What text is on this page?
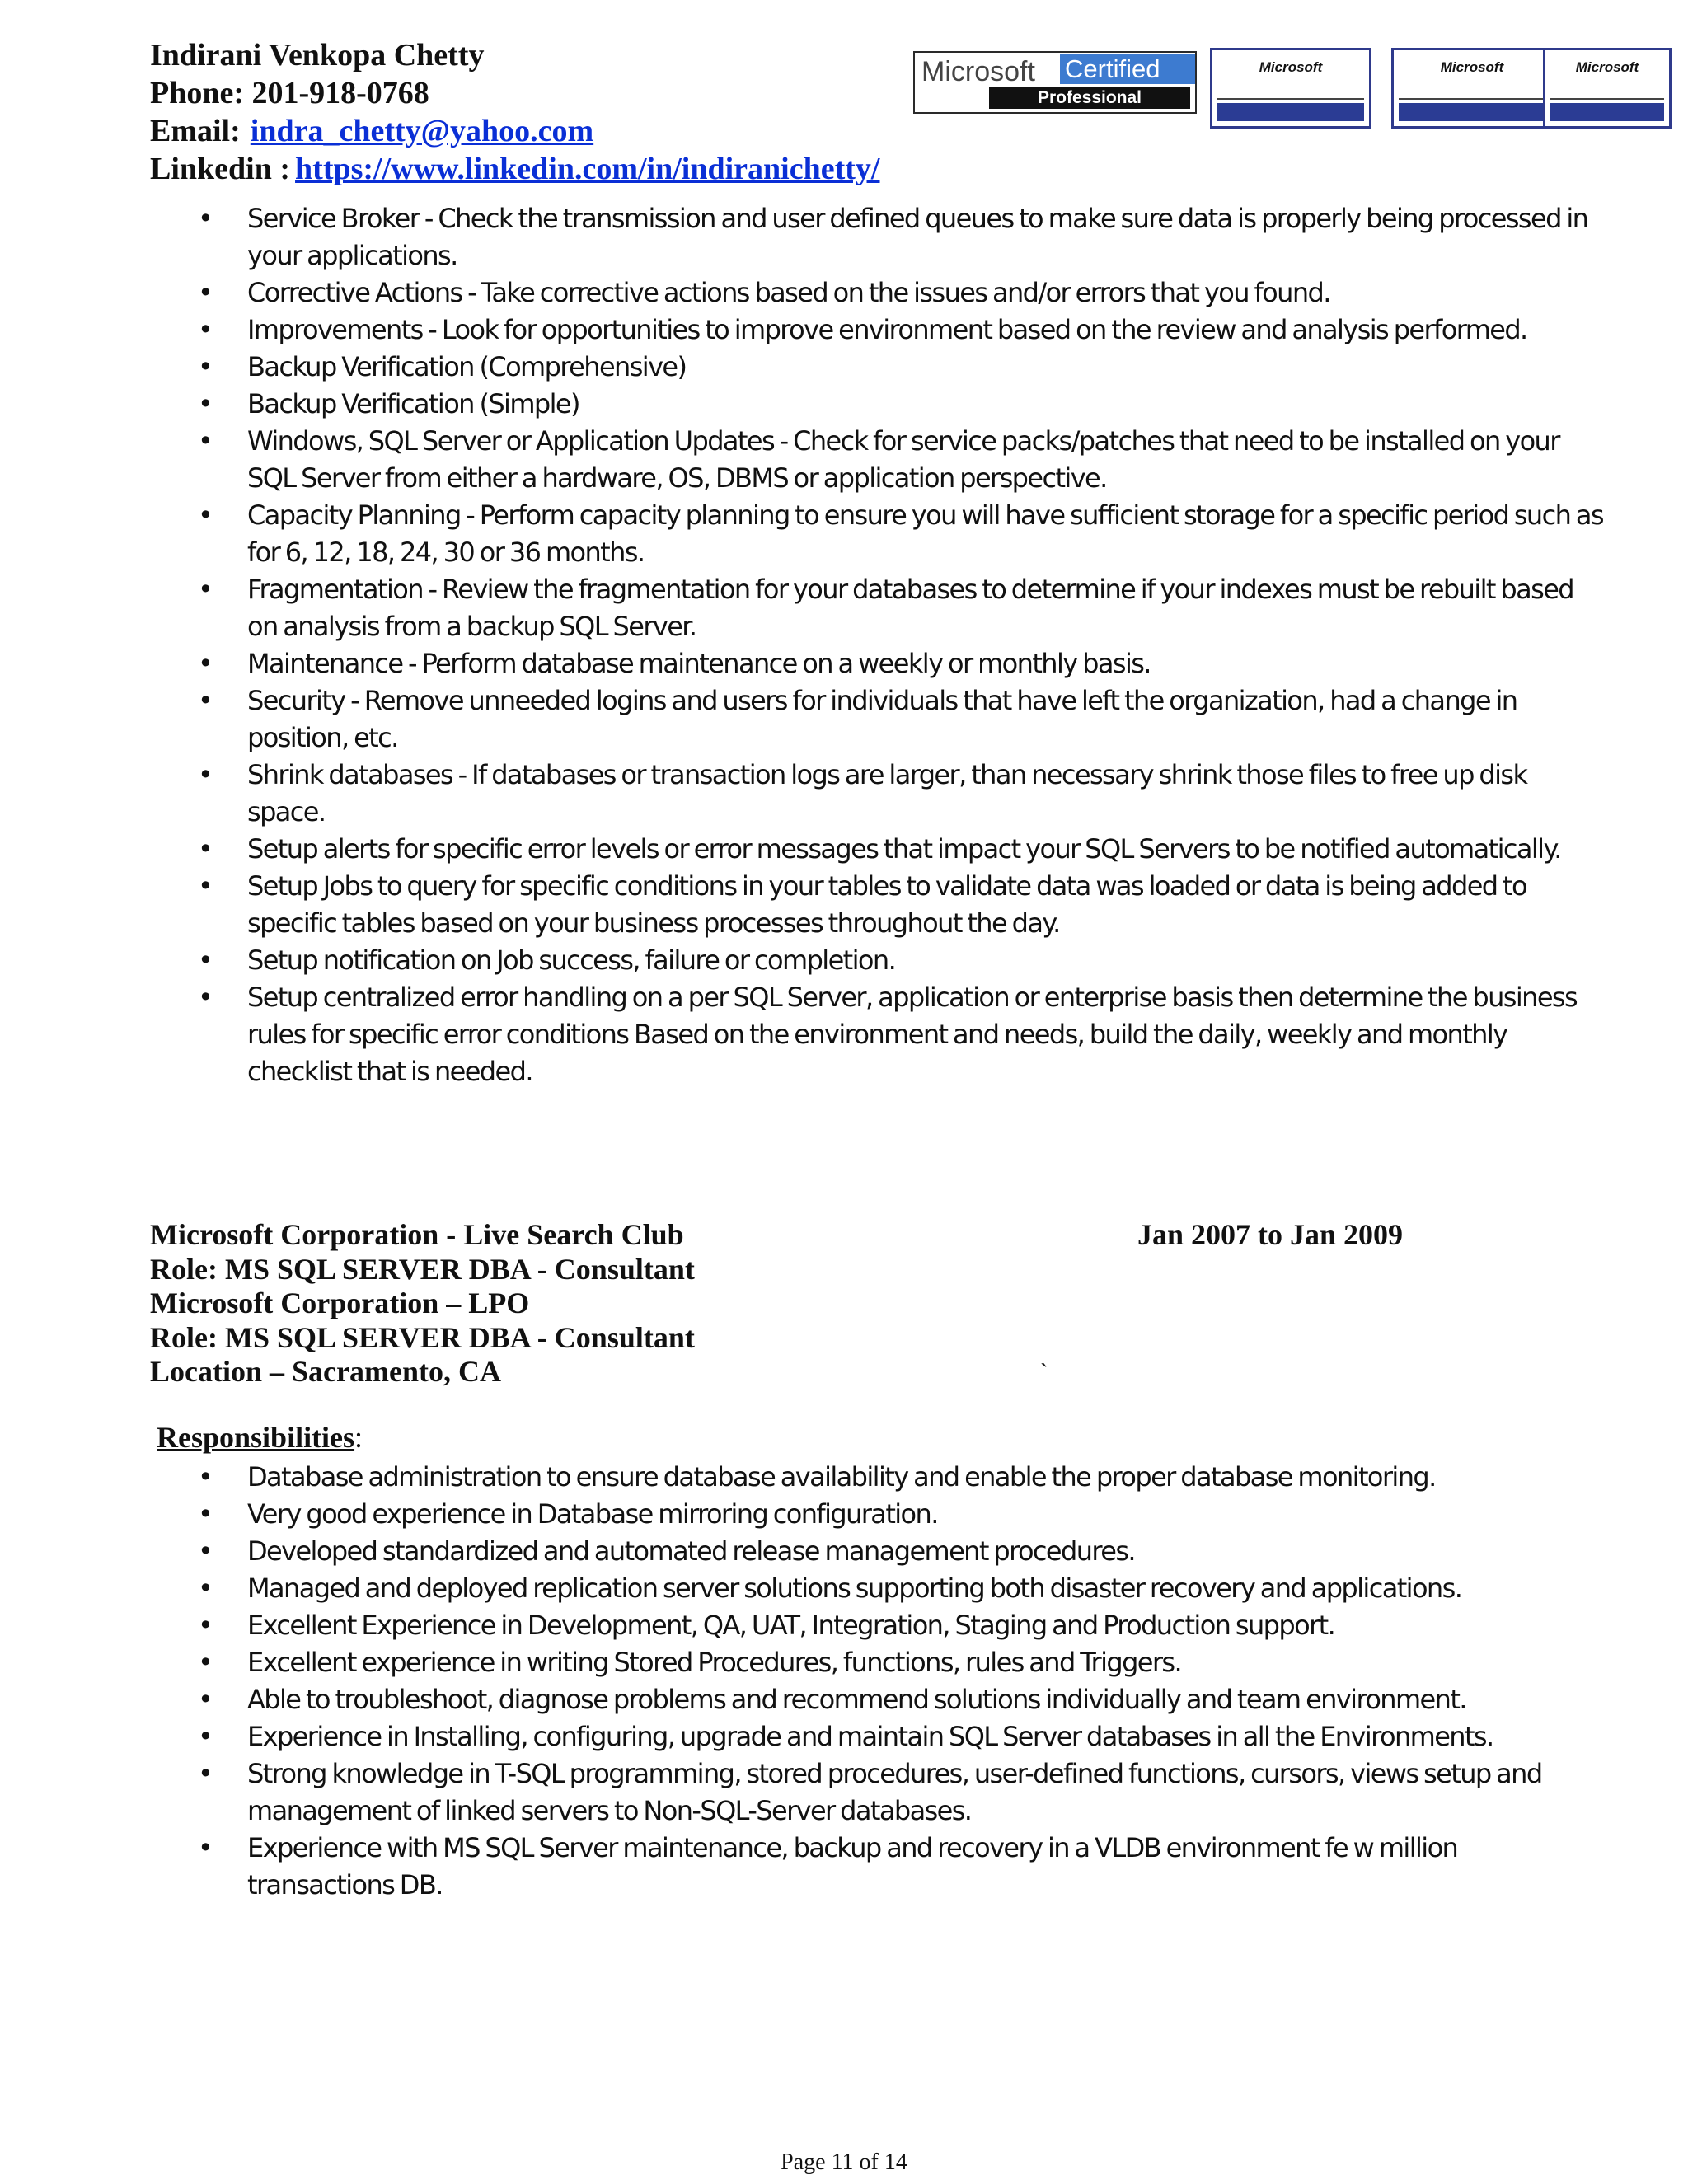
Indirani Venkopa Chetty
Phone: 201-918-0768
Email: indra_chetty@yahoo.com
Linkedin : https://www.linkedin.com/in/indiranichetty/
Microsoft Certified
Professional
Microsoft	Microsoft	Microsoft
• Service Broker - Check the transmission and user defined queues to make sure data is properly being processed in your applications.
• Corrective Actions - Take corrective actions based on the issues and/or errors that you found.
• Improvements - Look for opportunities to improve environment based on the review and analysis performed.
• Backup Verification (Comprehensive)
• Backup Verification (Simple)
• Windows, SQL Server or Application Updates - Check for service packs/patches that need to be installed on your SQL Server from either a hardware, OS, DBMS or application perspective.
• Capacity Planning - Perform capacity planning to ensure you will have sufficient storage for a specific period such as for 6, 12, 18, 24, 30 or 36 months.
• Fragmentation - Review the fragmentation for your databases to determine if your indexes must be rebuilt based on analysis from a backup SQL Server.
• Maintenance - Perform database maintenance on a weekly or monthly basis.
• Security - Remove unneeded logins and users for individuals that have left the organization, had a change in position, etc.
• Shrink databases - If databases or transaction logs are larger, than necessary shrink those files to free up disk space.
• Setup alerts for specific error levels or error messages that impact your SQL Servers to be notified automatically.
• Setup Jobs to query for specific conditions in your tables to validate data was loaded or data is being added to specific tables based on your business processes throughout the day.
• Setup notification on Job success, failure or completion.
• Setup centralized error handling on a per SQL Server, application or enterprise basis then determine the business rules for specific error conditions Based on the environment and needs, build the daily, weekly and monthly checklist that is needed.
Microsoft Corporation - Live Search Club
Role: MS SQL SERVER DBA - Consultant
Microsoft Corporation – LPO
Role: MS SQL SERVER DBA - Consultant
Location – Sacramento, CA
Jan 2007 to Jan 2009
`
Responsibilities:
• Database administration to ensure database availability and enable the proper database monitoring.
• Very good experience in Database mirroring configuration.
• Developed standardized and automated release management procedures.
• Managed and deployed replication server solutions supporting both disaster recovery and applications.
• Excellent Experience in Development, QA, UAT, Integration, Staging and Production support.
• Excellent experience in writing Stored Procedures, functions, rules and Triggers.
• Able to troubleshoot, diagnose problems and recommend solutions individually and team environment.
• Experience in Installing, configuring, upgrade and maintain SQL Server databases in all the Environments.
• Strong knowledge in T-SQL programming, stored procedures, user-defined functions, cursors, views setup and management of linked servers to Non-SQL-Server databases.
• Experience with MS SQL Server maintenance, backup and recovery in a VLDB environment fe w million transactions DB.
Page 11 of 14
